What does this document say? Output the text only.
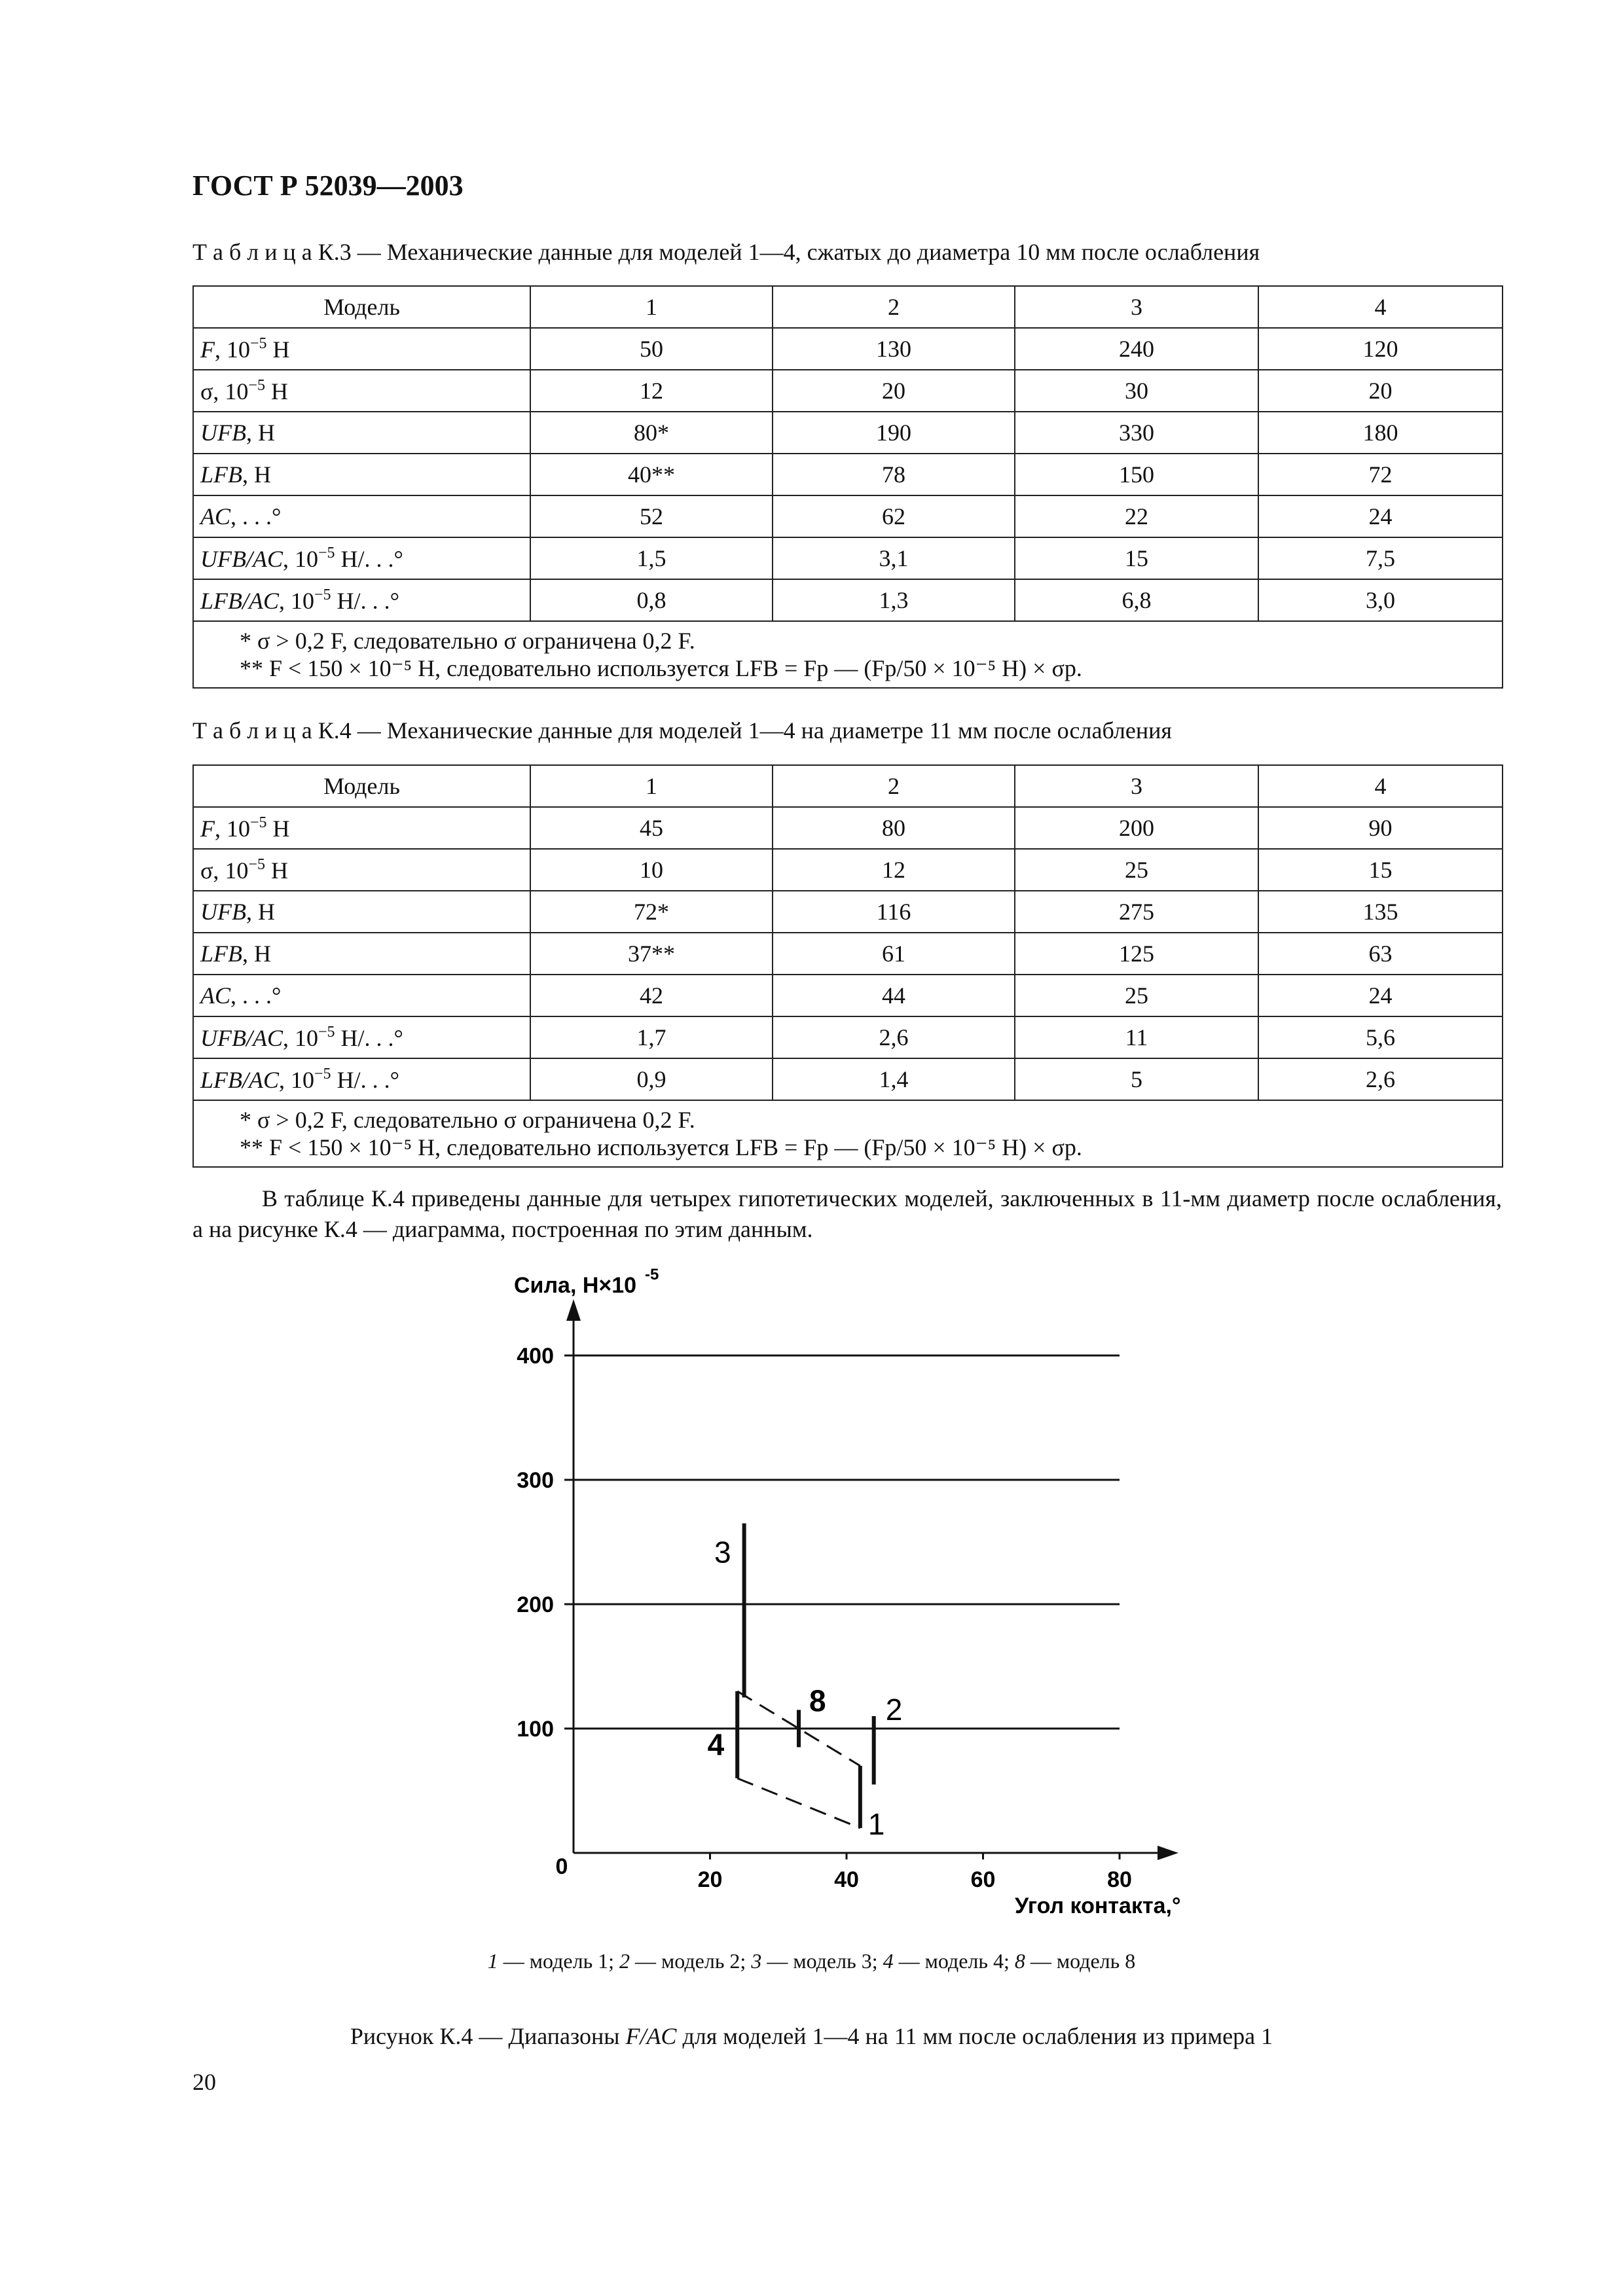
ГОСТ Р 52039—2003
Т а б л и ц а К.3 — Механические данные для моделей 1—4, сжатых до диаметра 10 мм после ослабления
Модель	1	2	3	4
F, $10^{-5}$ Н	50	130	240	120
σ, $10^{-5}$ Н	12	20	30	20
UFB, Н	80*	190	330	180
LFB, Н	40**	78	150	72
AC, . . .°	52	62	22	24
UFB/AC, $10^{-5}$ Н/. . .°	1,5	3,1	15	7,5
LFB/AC, $10^{-5}$ Н/. . .°	0,8	1,3	6,8	3,0

* σ > 0,2 F, следовательно σ ограничена 0,2 F.
** F < 150 × 10⁻⁵ Н, следовательно используется LFB = Fp — (Fp/50 × 10⁻⁵ Н) × σp.				
Т а б л и ц а К.4 — Механические данные для моделей 1—4 на диаметре 11 мм после ослабления
Модель	1	2	3	4
F, $10^{-5}$ Н	45	80	200	90
σ, $10^{-5}$ Н	10	12	25	15
UFB, Н	72*	116	275	135
LFB, Н	37**	61	125	63
AC, . . .°	42	44	25	24
UFB/AC, $10^{-5}$ Н/. . .°	1,7	2,6	11	5,6
LFB/AC, $10^{-5}$ Н/. . .°	0,9	1,4	5	2,6

* σ > 0,2 F, следовательно σ ограничена 0,2 F.
** F < 150 × 10⁻⁵ Н, следовательно используется LFB = Fp — (Fp/50 × 10⁻⁵ Н) × σp.				
В таблице К.4 приведены данные для четырех гипотетических моделей, заключенных в 11-мм диаметр после ослабления, а на рисунке К.4 — диаграмма, построенная по этим данным.
20	40	60	80
0
100
200
300
400
Сила, Н×10 -5
Угол контакта,°
1
2
3
4
8
1 — модель 1; 2 — модель 2; 3 — модель 3; 4 — модель 4; 8 — модель 8
Рисунок К.4 — Диапазоны F/AC для моделей 1—4 на 11 мм после ослабления из примера 1
20
